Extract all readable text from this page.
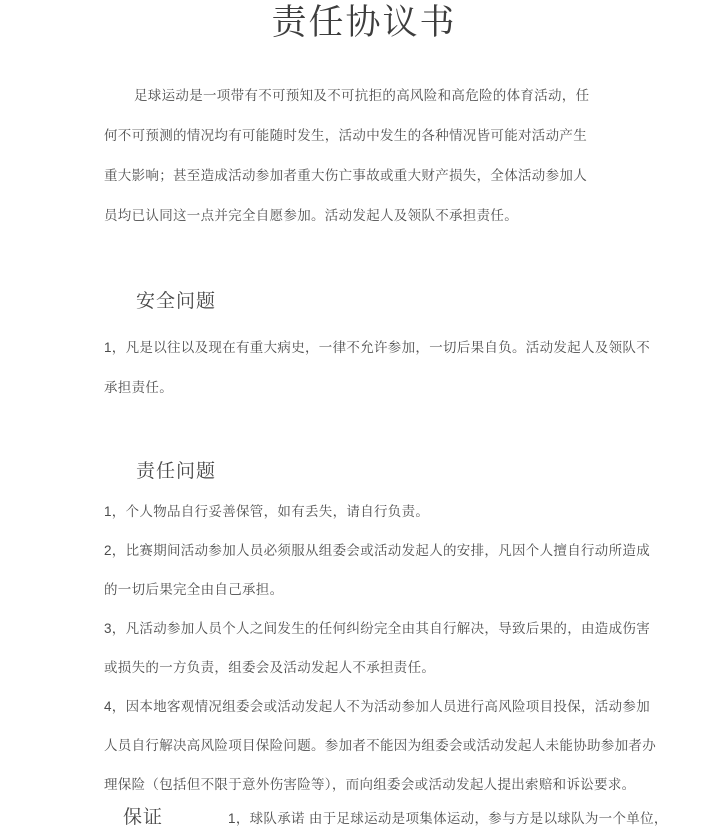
责任协议书
足球运动是一项带有不可预知及不可抗拒的高风险和高危险的体育活动，任
何不可预测的情况均有可能随时发生，活动中发生的各种情况皆可能对活动产生
重大影响；甚至造成活动参加者重大伤亡事故或重大财产损失，全体活动参加人
员均已认同这一点并完全自愿参加。活动发起人及领队不承担责任。
安全问题
1，凡是以往以及现在有重大病史，一律不允许参加，一切后果自负。活动发起人及领队不
承担责任。
责任问题
1，个人物品自行妥善保管，如有丢失，请自行负责。
2，比赛期间活动参加人员必须服从组委会或活动发起人的安排，凡因个人擅自行动所造成
的一切后果完全由自己承担。
3，凡活动参加人员个人之间发生的任何纠纷完全由其自行解决，导致后果的，由造成伤害
或损失的一方负责，组委会及活动发起人不承担责任。
4，因本地客观情况组委会或活动发起人不为活动参加人员进行高风险项目投保，活动参加
人员自行解决高风险项目保险问题。参加者不能因为组委会或活动发起人未能协助参加者办
理保险（包括但不限于意外伤害险等），而向组委会或活动发起人提出索赔和诉讼要求。
保证	1，球队承诺 由于足球运动是项集体运动，参与方是以球队为一个单位，
